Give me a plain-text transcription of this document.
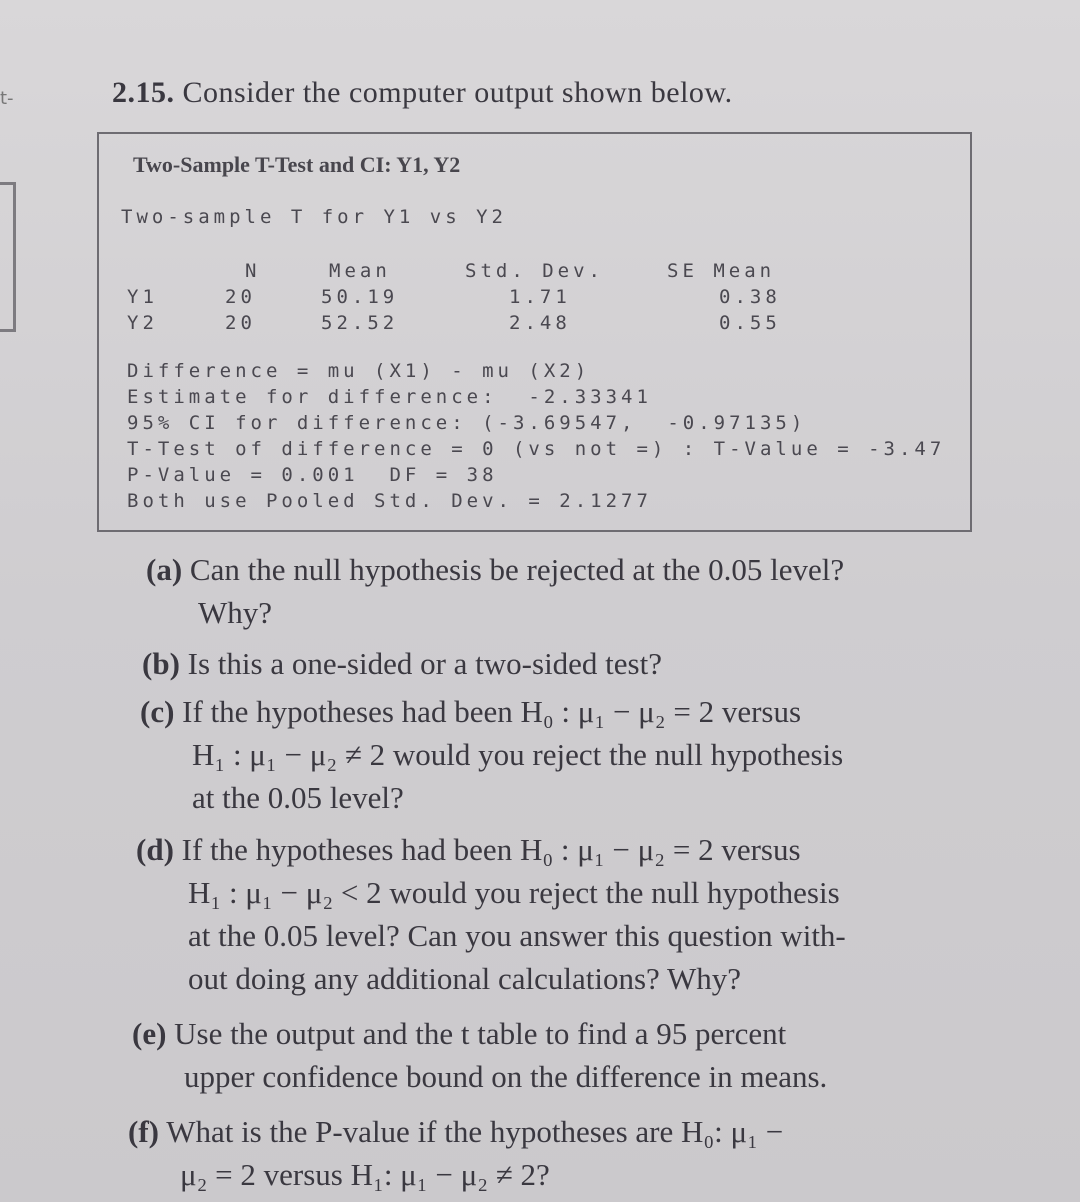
t-	2.15. Consider the computer output shown below.
Two-Sample T-Test and CI: Y1, Y2
Two-sample T for Y1 vs Y2
N	Mean	Std. Dev.	SE Mean
Y1	20	50.19	1.71	0.38
Y2	20	52.52	2.48	0.55
Difference = mu (X1) - mu (X2)
Estimate for difference:  -2.33341
95% CI for difference: (-3.69547,  -0.97135)
T-Test of difference = 0 (vs not =) : T-Value = -3.47
P-Value = 0.001  DF = 38
Both use Pooled Std. Dev. = 2.1277
(a) Can the null hypothesis be rejected at the 0.05 level?
Why?
(b) Is this a one-sided or a two-sided test?
(c) If the hypotheses had been H₀ : μ₁ − μ₂ = 2 versus
H₁ : μ₁ − μ₂ ≠ 2 would you reject the null hypothesis
at the 0.05 level?
(d) If the hypotheses had been H₀ : μ₁ − μ₂ = 2 versus
H₁ : μ₁ − μ₂ < 2 would you reject the null hypothesis
at the 0.05 level? Can you answer this question with-
out doing any additional calculations? Why?
(e) Use the output and the t table to find a 95 percent
upper confidence bound on the difference in means.
(f) What is the P-value if the hypotheses are H₀: μ₁ −
μ₂ = 2 versus H₁: μ₁ − μ₂ ≠ 2?
